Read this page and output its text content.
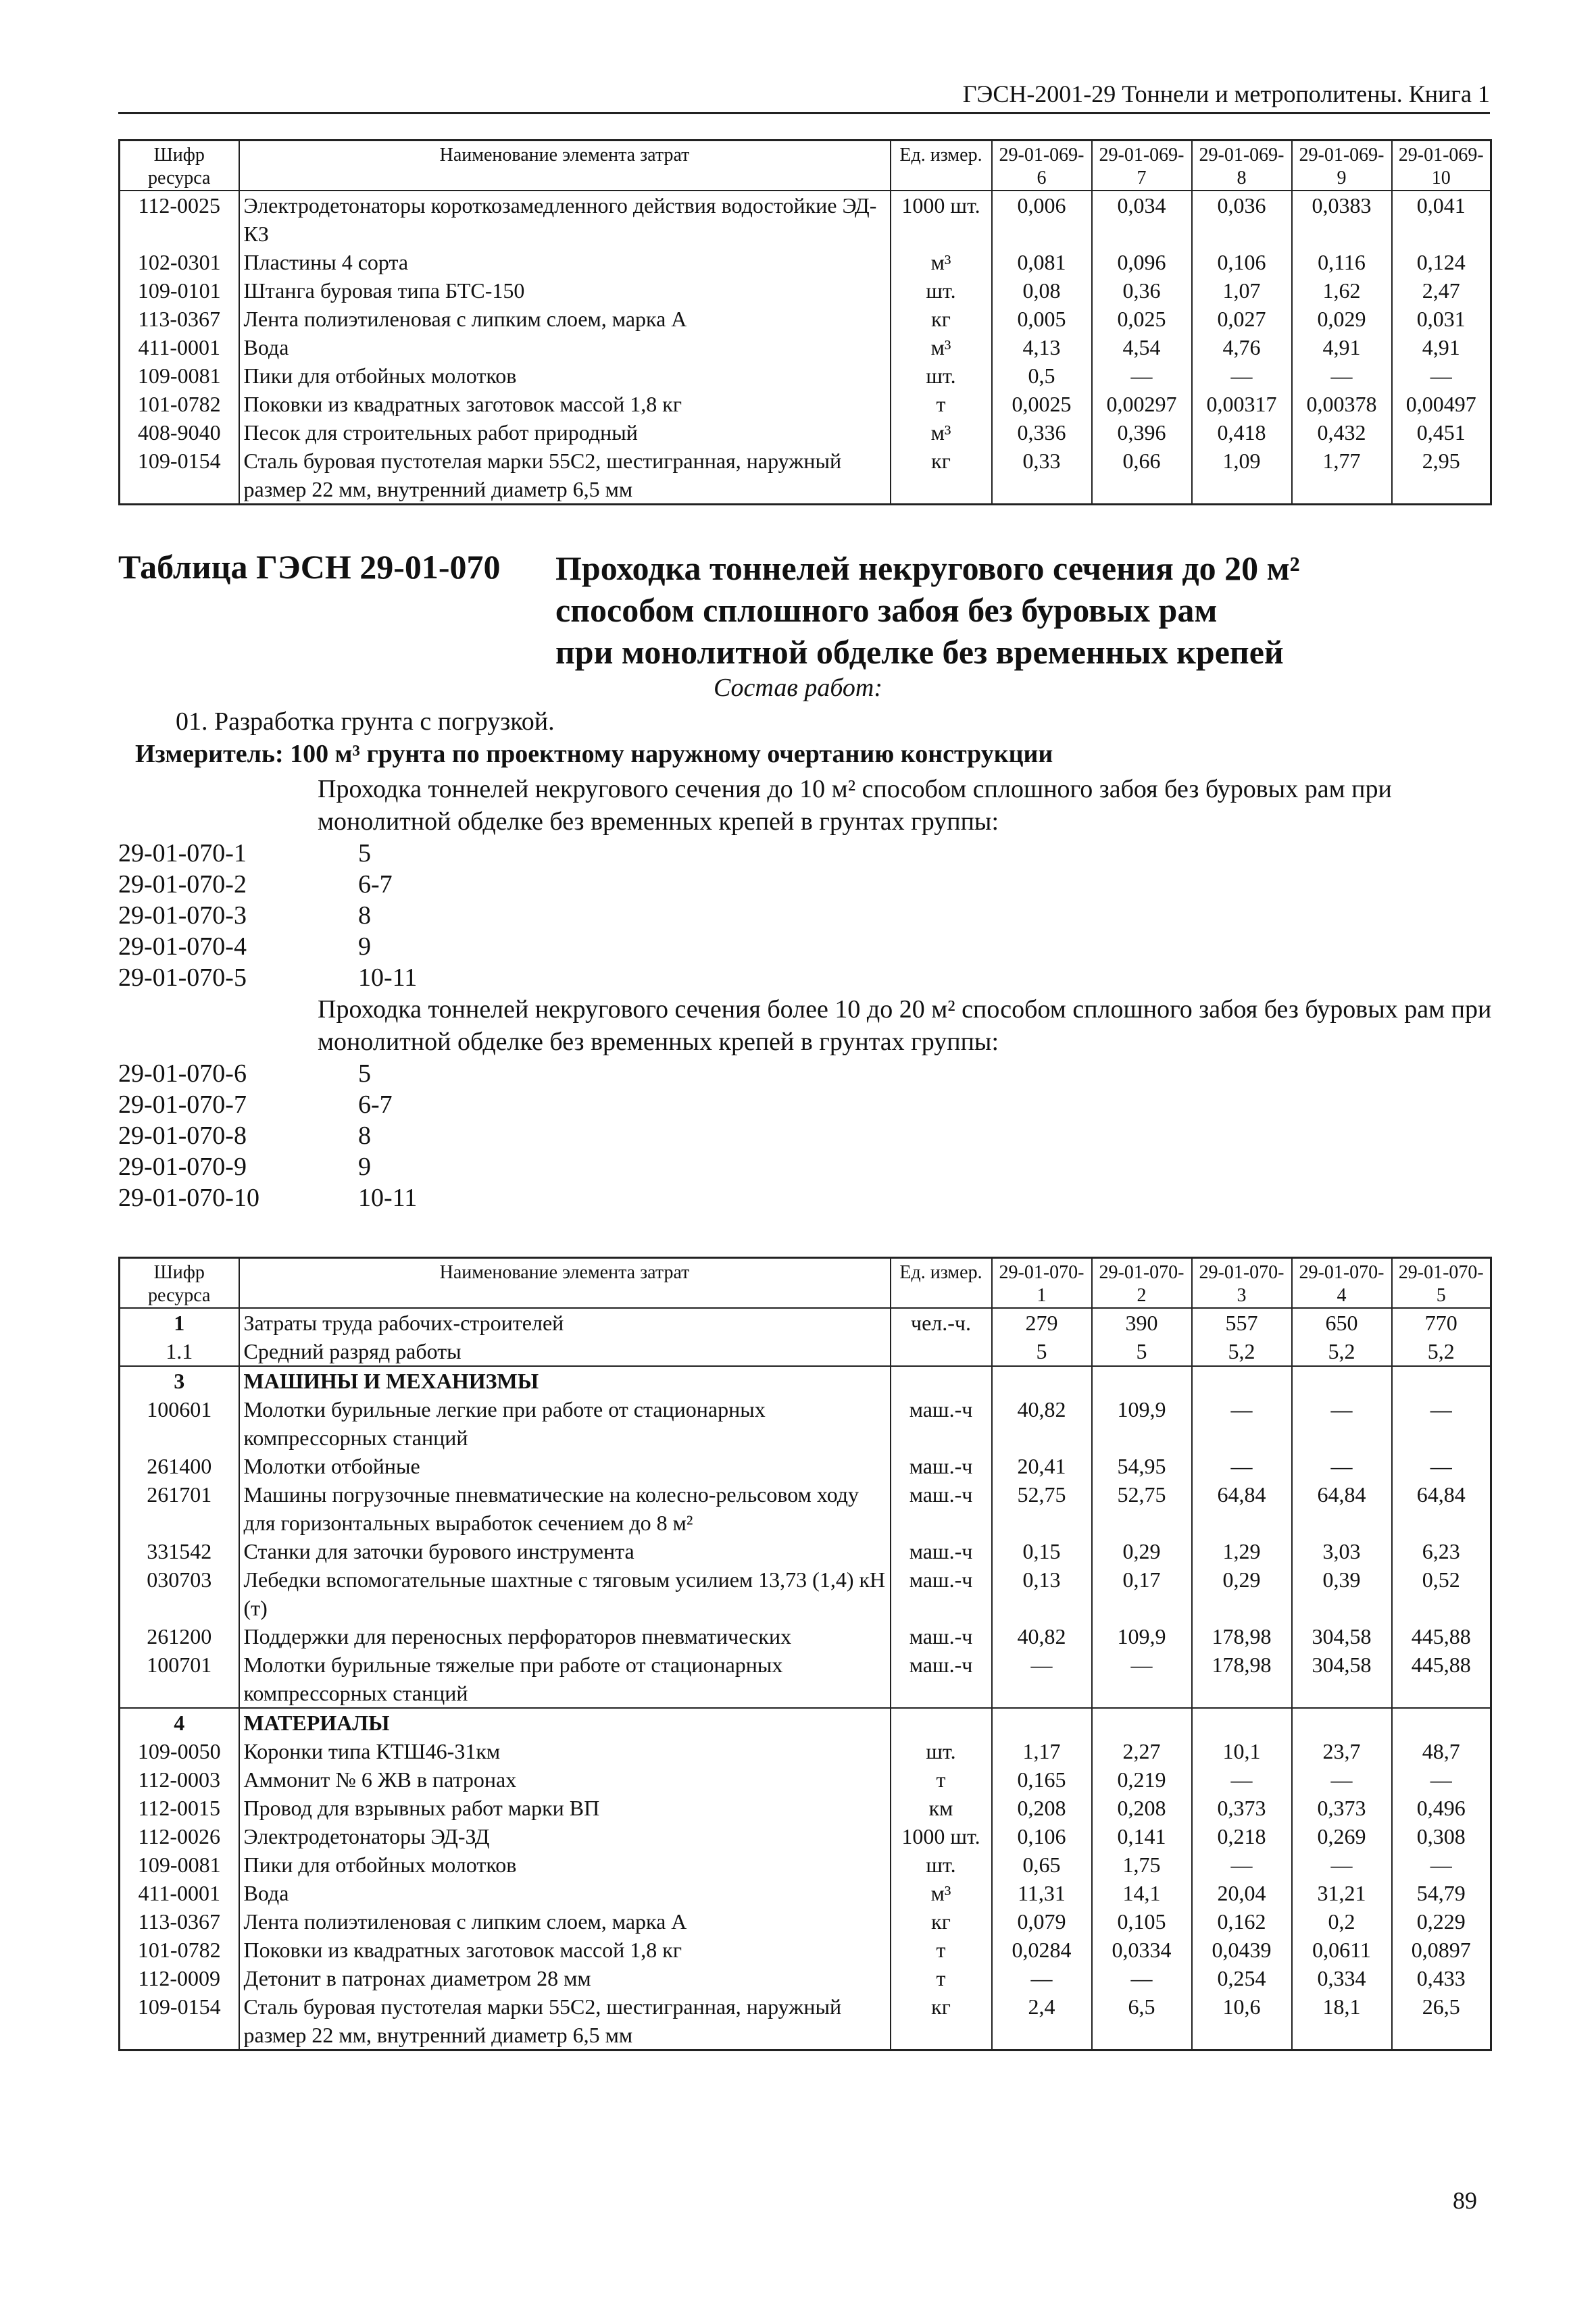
ГЭСН-2001-29 Тоннели и метрополитены. Книга 1
Шифр ресурса	Наименование элемента затрат	Ед. измер.	29-01-069-6	29-01-069-7	29-01-069-8	29-01-069-9	29-01-069-10
112-0025	Электродетонаторы короткозамедленного действия водостойкие ЭД-КЗ	1000 шт.	0,006	0,034	0,036	0,0383	0,041
102-0301	Пластины 4 сорта	м³	0,081	0,096	0,106	0,116	0,124
109-0101	Штанга буровая типа БТС-150	шт.	0,08	0,36	1,07	1,62	2,47
113-0367	Лента полиэтиленовая с липким слоем, марка А	кг	0,005	0,025	0,027	0,029	0,031
411-0001	Вода	м³	4,13	4,54	4,76	4,91	4,91
109-0081	Пики для отбойных молотков	шт.	0,5	—	—	—	—
101-0782	Поковки из квадратных заготовок массой 1,8 кг	т	0,0025	0,00297	0,00317	0,00378	0,00497
408-9040	Песок для строительных работ природный	м³	0,336	0,396	0,418	0,432	0,451
109-0154	Сталь буровая пустотелая марки 55С2, шестигранная, наружный размер 22 мм, внутренний диаметр 6,5 мм	кг	0,33	0,66	1,09	1,77	2,95
Таблица ГЭСН 29-01-070 Проходка тоннелей некругового сечения до 20 м²
способом сплошного забоя без буровых рам
при монолитной обделке без временных крепей
Состав работ:
01. Разработка грунта с погрузкой.
Измеритель: 100 м³ грунта по проектному наружному очертанию конструкции
Проходка тоннелей некругового сечения до 10 м² способом сплошного забоя без буровых рам при монолитной обделке без временных крепей в грунтах группы:
29-01-070-1	5
29-01-070-2	6-7
29-01-070-3	8
29-01-070-4	9
29-01-070-5	10-11
Проходка тоннелей некругового сечения более 10 до 20 м² способом сплошного забоя без буровых рам при монолитной обделке без временных крепей в грунтах группы:
29-01-070-6	5
29-01-070-7	6-7
29-01-070-8	8
29-01-070-9	9
29-01-070-10	10-11
Шифр ресурса	Наименование элемента затрат	Ед. измер.	29-01-070-1	29-01-070-2	29-01-070-3	29-01-070-4	29-01-070-5
1	Затраты труда рабочих-строителей	чел.-ч.	279	390	557	650	770
1.1	Средний разряд работы		5	5	5,2	5,2	5,2
3	МАШИНЫ И МЕХАНИЗМЫ						
100601	Молотки бурильные легкие при работе от стационарных компрессорных станций	маш.-ч	40,82	109,9	—	—	—
261400	Молотки отбойные	маш.-ч	20,41	54,95	—	—	—
261701	Машины погрузочные пневматические на колесно-рельсовом ходу для горизонтальных выработок сечением до 8 м²	маш.-ч	52,75	52,75	64,84	64,84	64,84
331542	Станки для заточки бурового инструмента	маш.-ч	0,15	0,29	1,29	3,03	6,23
030703	Лебедки вспомогательные шахтные с тяговым усилием 13,73 (1,4) кН (т)	маш.-ч	0,13	0,17	0,29	0,39	0,52
261200	Поддержки для переносных перфораторов пневматических	маш.-ч	40,82	109,9	178,98	304,58	445,88
100701	Молотки бурильные тяжелые при работе от стационарных компрессорных станций	маш.-ч	—	—	178,98	304,58	445,88
4	МАТЕРИАЛЫ						
109-0050	Коронки типа КТШ46-31км	шт.	1,17	2,27	10,1	23,7	48,7
112-0003	Аммонит № 6 ЖВ в патронах	т	0,165	0,219	—	—	—
112-0015	Провод для взрывных работ марки ВП	км	0,208	0,208	0,373	0,373	0,496
112-0026	Электродетонаторы ЭД-ЗД	1000 шт.	0,106	0,141	0,218	0,269	0,308
109-0081	Пики для отбойных молотков	шт.	0,65	1,75	—	—	—
411-0001	Вода	м³	11,31	14,1	20,04	31,21	54,79
113-0367	Лента полиэтиленовая с липким слоем, марка А	кг	0,079	0,105	0,162	0,2	0,229
101-0782	Поковки из квадратных заготовок массой 1,8 кг	т	0,0284	0,0334	0,0439	0,0611	0,0897
112-0009	Детонит в патронах диаметром 28 мм	т	—	—	0,254	0,334	0,433
109-0154	Сталь буровая пустотелая марки 55С2, шестигранная, наружный размер 22 мм, внутренний диаметр 6,5 мм	кг	2,4	6,5	10,6	18,1	26,5
89
